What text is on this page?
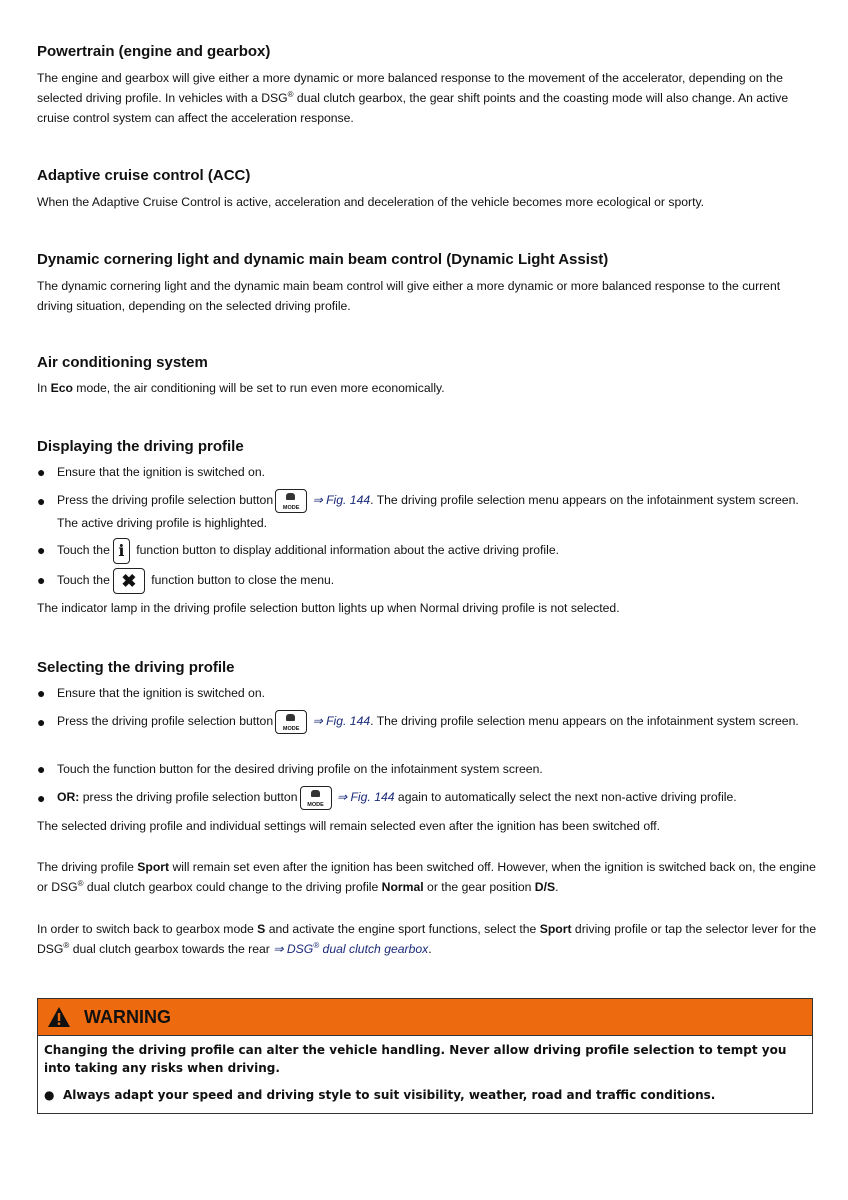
Powertrain (engine and gearbox)

The engine and gearbox will give either a more dynamic or more balanced response to the movement of the accelerator, depending on the selected driving profile. In vehicles with a DSG® dual clutch gearbox, the gear shift points and the coasting mode will also change. An active cruise control system can affect the acceleration response.

Adaptive cruise control (ACC)

When the Adaptive Cruise Control is active, acceleration and deceleration of the vehicle becomes more ecological or sporty.

Dynamic cornering light and dynamic main beam control (Dynamic Light Assist)

The dynamic cornering light and the dynamic main beam control will give either a more dynamic or more balanced response to the current driving situation, depending on the selected driving profile.

Air conditioning system

In Eco mode, the air conditioning will be set to run even more economically.

Displaying the driving profile
● Ensure that the ignition is switched on.
● Press the driving profile selection button
MODE
⇒ Fig. 144. The driving profile selection menu appears on the infotainment system screen. The active driving profile is highlighted.
● Touch the i function button to display additional information about the active driving profile.
● Touch the ✖ function button to close the menu.

The indicator lamp in the driving profile selection button lights up when Normal driving profile is not selected.

Selecting the driving profile
● Ensure that the ignition is switched on.
● Press the driving profile selection button
MODE
⇒ Fig. 144. The driving profile selection menu appears on the infotainment system screen.
● Touch the function button for the desired driving profile on the infotainment system screen.
● OR: press the driving profile selection button
MODE
⇒ Fig. 144 again to automatically select the next non-active driving profile.

The selected driving profile and individual settings will remain selected even after the ignition has been switched off.

The driving profile Sport will remain set even after the ignition has been switched off. However, when the ignition is switched back on, the engine or DSG® dual clutch gearbox could change to the driving profile Normal or the gear position D/S.

In order to switch back to gearbox mode S and activate the engine sport functions, select the Sport driving profile or tap the selector lever for the DSG® dual clutch gearbox towards the rear ⇒ DSG® dual clutch gearbox.

WARNING
Changing the driving profile can alter the vehicle handling. Never allow driving profile selection to tempt you into taking any risks when driving.
● Always adapt your speed and driving style to suit visibility, weather, road and traffic conditions.
